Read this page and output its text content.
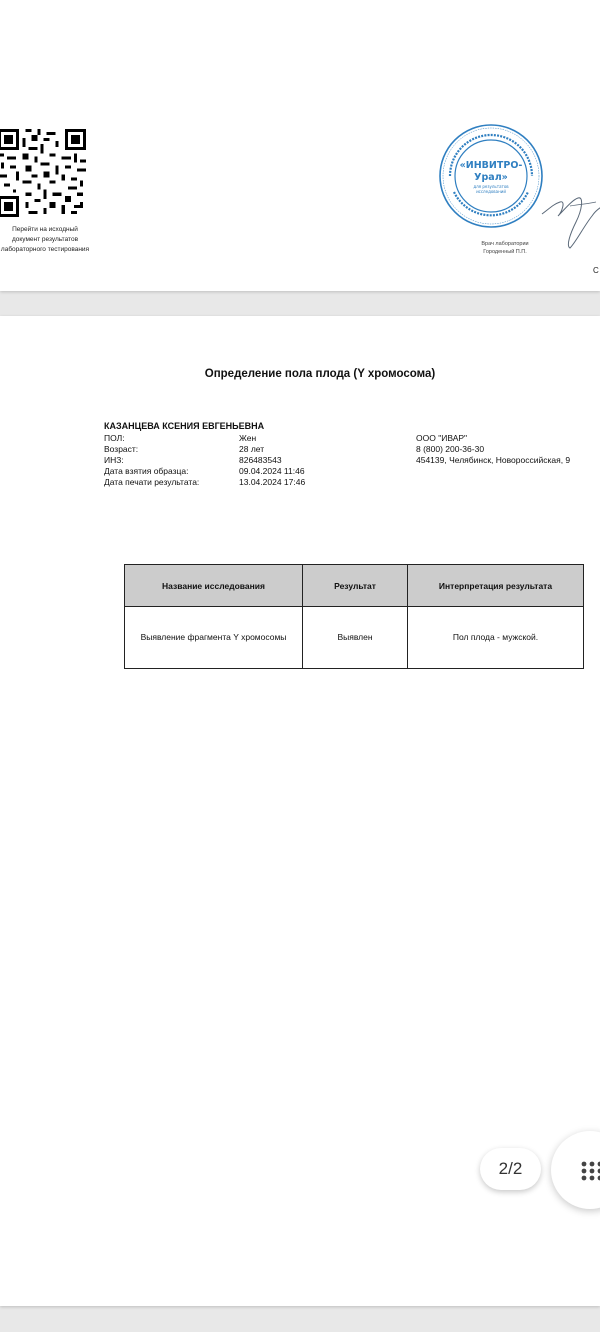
Перейти на исходный
документ результатов
лабораторного тестирования
«ИНВИТРО-
Урал»
для результатов
исследований
Врач лаборатории
Городенный П.П.
С
Определение пола плода (Y хромосома)
КАЗАНЦЕВА КСЕНИЯ ЕВГЕНЬЕВНА
ПОЛ:	Жен
Возраст:	28 лет
ИНЗ:	826483543
Дата взятия образца:	09.04.2024 11:46
Дата печати результата:	13.04.2024 17:46
ООО "ИВАР"
8 (800) 200-36-30
454139, Челябинск, Новороссийская, 9
Название исследования	Результат	Интерпретация результата
Выявление фрагмента Y хромосомы	Выявлен	Пол плода - мужской.
2/2
